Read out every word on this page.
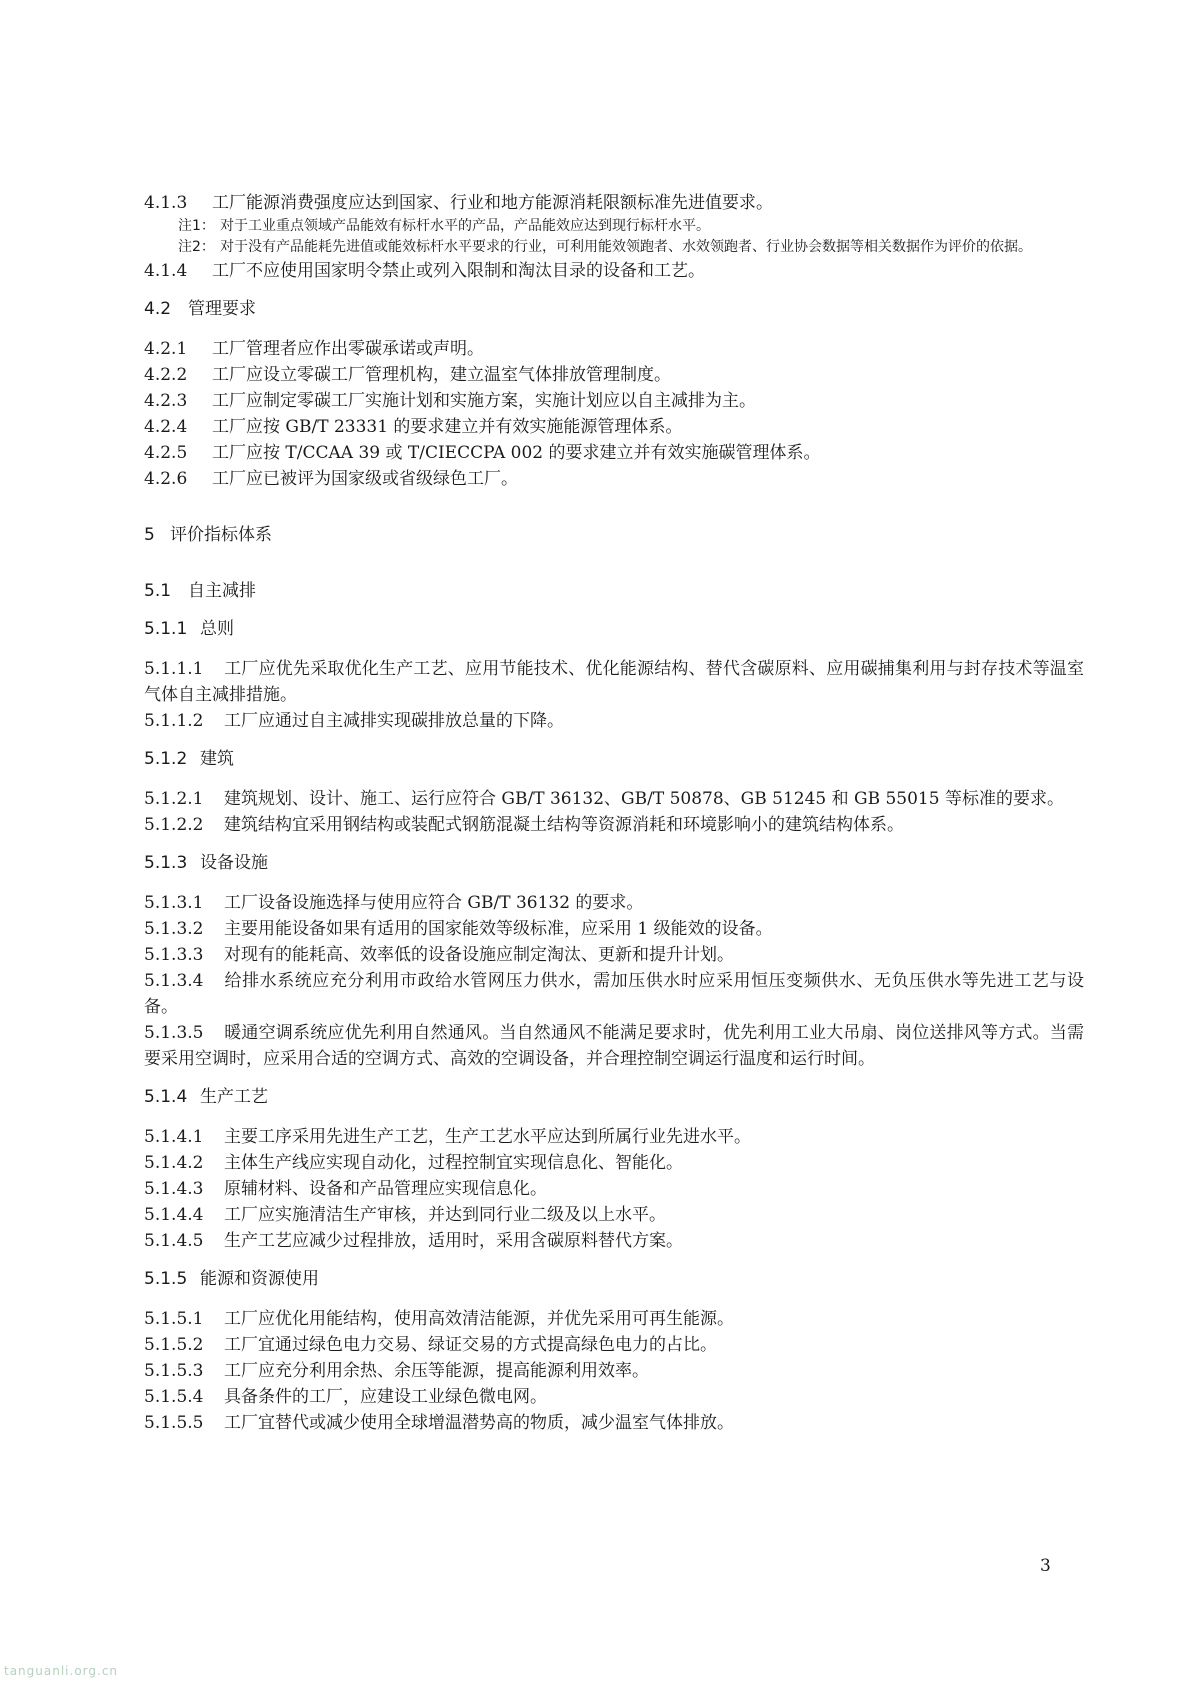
4.1.3 工厂能源消费强度应达到国家、行业和地方能源消耗限额标准先进值要求。

注1： 对于工业重点领域产品能效有标杆水平的产品，产品能效应达到现行标杆水平。

注2： 对于没有产品能耗先进值或能效标杆水平要求的行业，可利用能效领跑者、水效领跑者、行业协会数据等相关数据作为评价的依据。

4.1.4 工厂不应使用国家明令禁止或列入限制和淘汰目录的设备和工艺。

4.2 管理要求

4.2.1 工厂管理者应作出零碳承诺或声明。

4.2.2 工厂应设立零碳工厂管理机构，建立温室气体排放管理制度。

4.2.3 工厂应制定零碳工厂实施计划和实施方案，实施计划应以自主减排为主。

4.2.4 工厂应按 GB/T 23331 的要求建立并有效实施能源管理体系。

4.2.5 工厂应按 T/CCAA 39 或 T/CIECCPA 002 的要求建立并有效实施碳管理体系。

4.2.6 工厂应已被评为国家级或省级绿色工厂。

5 评价指标体系

5.1 自主减排

5.1.1 总则

5.1.1.1 工厂应优先采取优化生产工艺、应用节能技术、优化能源结构、替代含碳原料、应用碳捕集利用与封存技术等温室气体自主减排措施。

5.1.1.2 工厂应通过自主减排实现碳排放总量的下降。

5.1.2 建筑

5.1.2.1 建筑规划、设计、施工、运行应符合 GB/T 36132、GB/T 50878、GB 51245 和 GB 55015 等标准的要求。

5.1.2.2 建筑结构宜采用钢结构或装配式钢筋混凝土结构等资源消耗和环境影响小的建筑结构体系。

5.1.3 设备设施

5.1.3.1 工厂设备设施选择与使用应符合 GB/T 36132 的要求。

5.1.3.2 主要用能设备如果有适用的国家能效等级标准，应采用 1 级能效的设备。

5.1.3.3 对现有的能耗高、效率低的设备设施应制定淘汰、更新和提升计划。

5.1.3.4 给排水系统应充分利用市政给水管网压力供水，需加压供水时应采用恒压变频供水、无负压供水等先进工艺与设备。

5.1.3.5 暖通空调系统应优先利用自然通风。当自然通风不能满足要求时，优先利用工业大吊扇、岗位送排风等方式。当需要采用空调时，应采用合适的空调方式、高效的空调设备，并合理控制空调运行温度和运行时间。

5.1.4 生产工艺

5.1.4.1 主要工序采用先进生产工艺，生产工艺水平应达到所属行业先进水平。

5.1.4.2 主体生产线应实现自动化，过程控制宜实现信息化、智能化。

5.1.4.3 原辅材料、设备和产品管理应实现信息化。

5.1.4.4 工厂应实施清洁生产审核，并达到同行业二级及以上水平。

5.1.4.5 生产工艺应减少过程排放，适用时，采用含碳原料替代方案。

5.1.5 能源和资源使用

5.1.5.1 工厂应优化用能结构，使用高效清洁能源，并优先采用可再生能源。

5.1.5.2 工厂宜通过绿色电力交易、绿证交易的方式提高绿色电力的占比。

5.1.5.3 工厂应充分利用余热、余压等能源，提高能源利用效率。

5.1.5.4 具备条件的工厂，应建设工业绿色微电网。

5.1.5.5 工厂宜替代或减少使用全球增温潜势高的物质，减少温室气体排放。

3
tanguanli.org.cn
